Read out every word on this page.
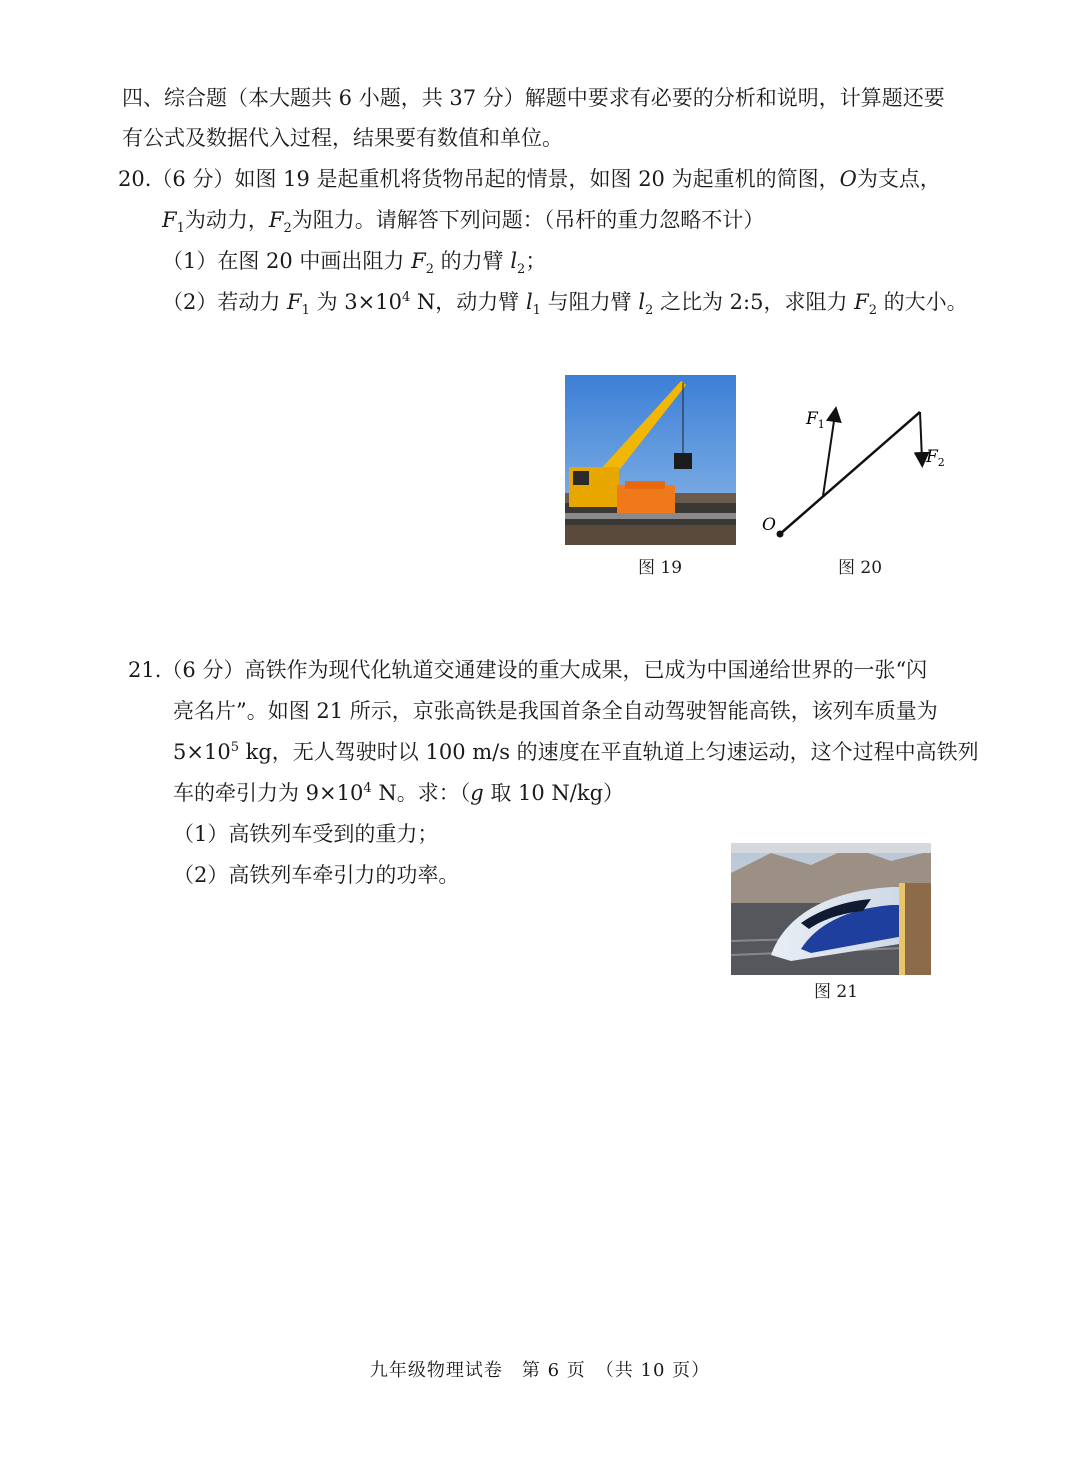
四、综合题（本大题共 6 小题，共 37 分）解题中要求有必要的分析和说明，计算题还要
有公式及数据代入过程，结果要有数值和单位。
20.（6 分）如图 19 是起重机将货物吊起的情景，如图 20 为起重机的简图，O为支点，
$F_1$为动力，$F_2$为阻力。请解答下列问题：（吊杆的重力忽略不计）
（1）在图 20 中画出阻力 $F_2$ 的力臂 $l_2$；
（2）若动力 $F_1$ 为 $3\times 10^4$ N，动力臂 $l_1$ 与阻力臂 $l_2$ 之比为 2:5，求阻力 $F_2$ 的大小。
图 19
$F_1$
$F_2$
O
图 20
21.（6 分）高铁作为现代化轨道交通建设的重大成果，已成为中国递给世界的一张“闪
亮名片”。如图 21 所示，京张高铁是我国首条全自动驾驶智能高铁，该列车质量为
$5\times 10^5$ kg，无人驾驶时以 100 m/s 的速度在平直轨道上匀速运动，这个过程中高铁列
车的牵引力为 $9\times 10^4$ N。求：（g 取 10 N/kg）
（1）高铁列车受到的重力；
（2）高铁列车牵引力的功率。
图 21
九年级物理试卷　第 6 页　（共 10 页）
